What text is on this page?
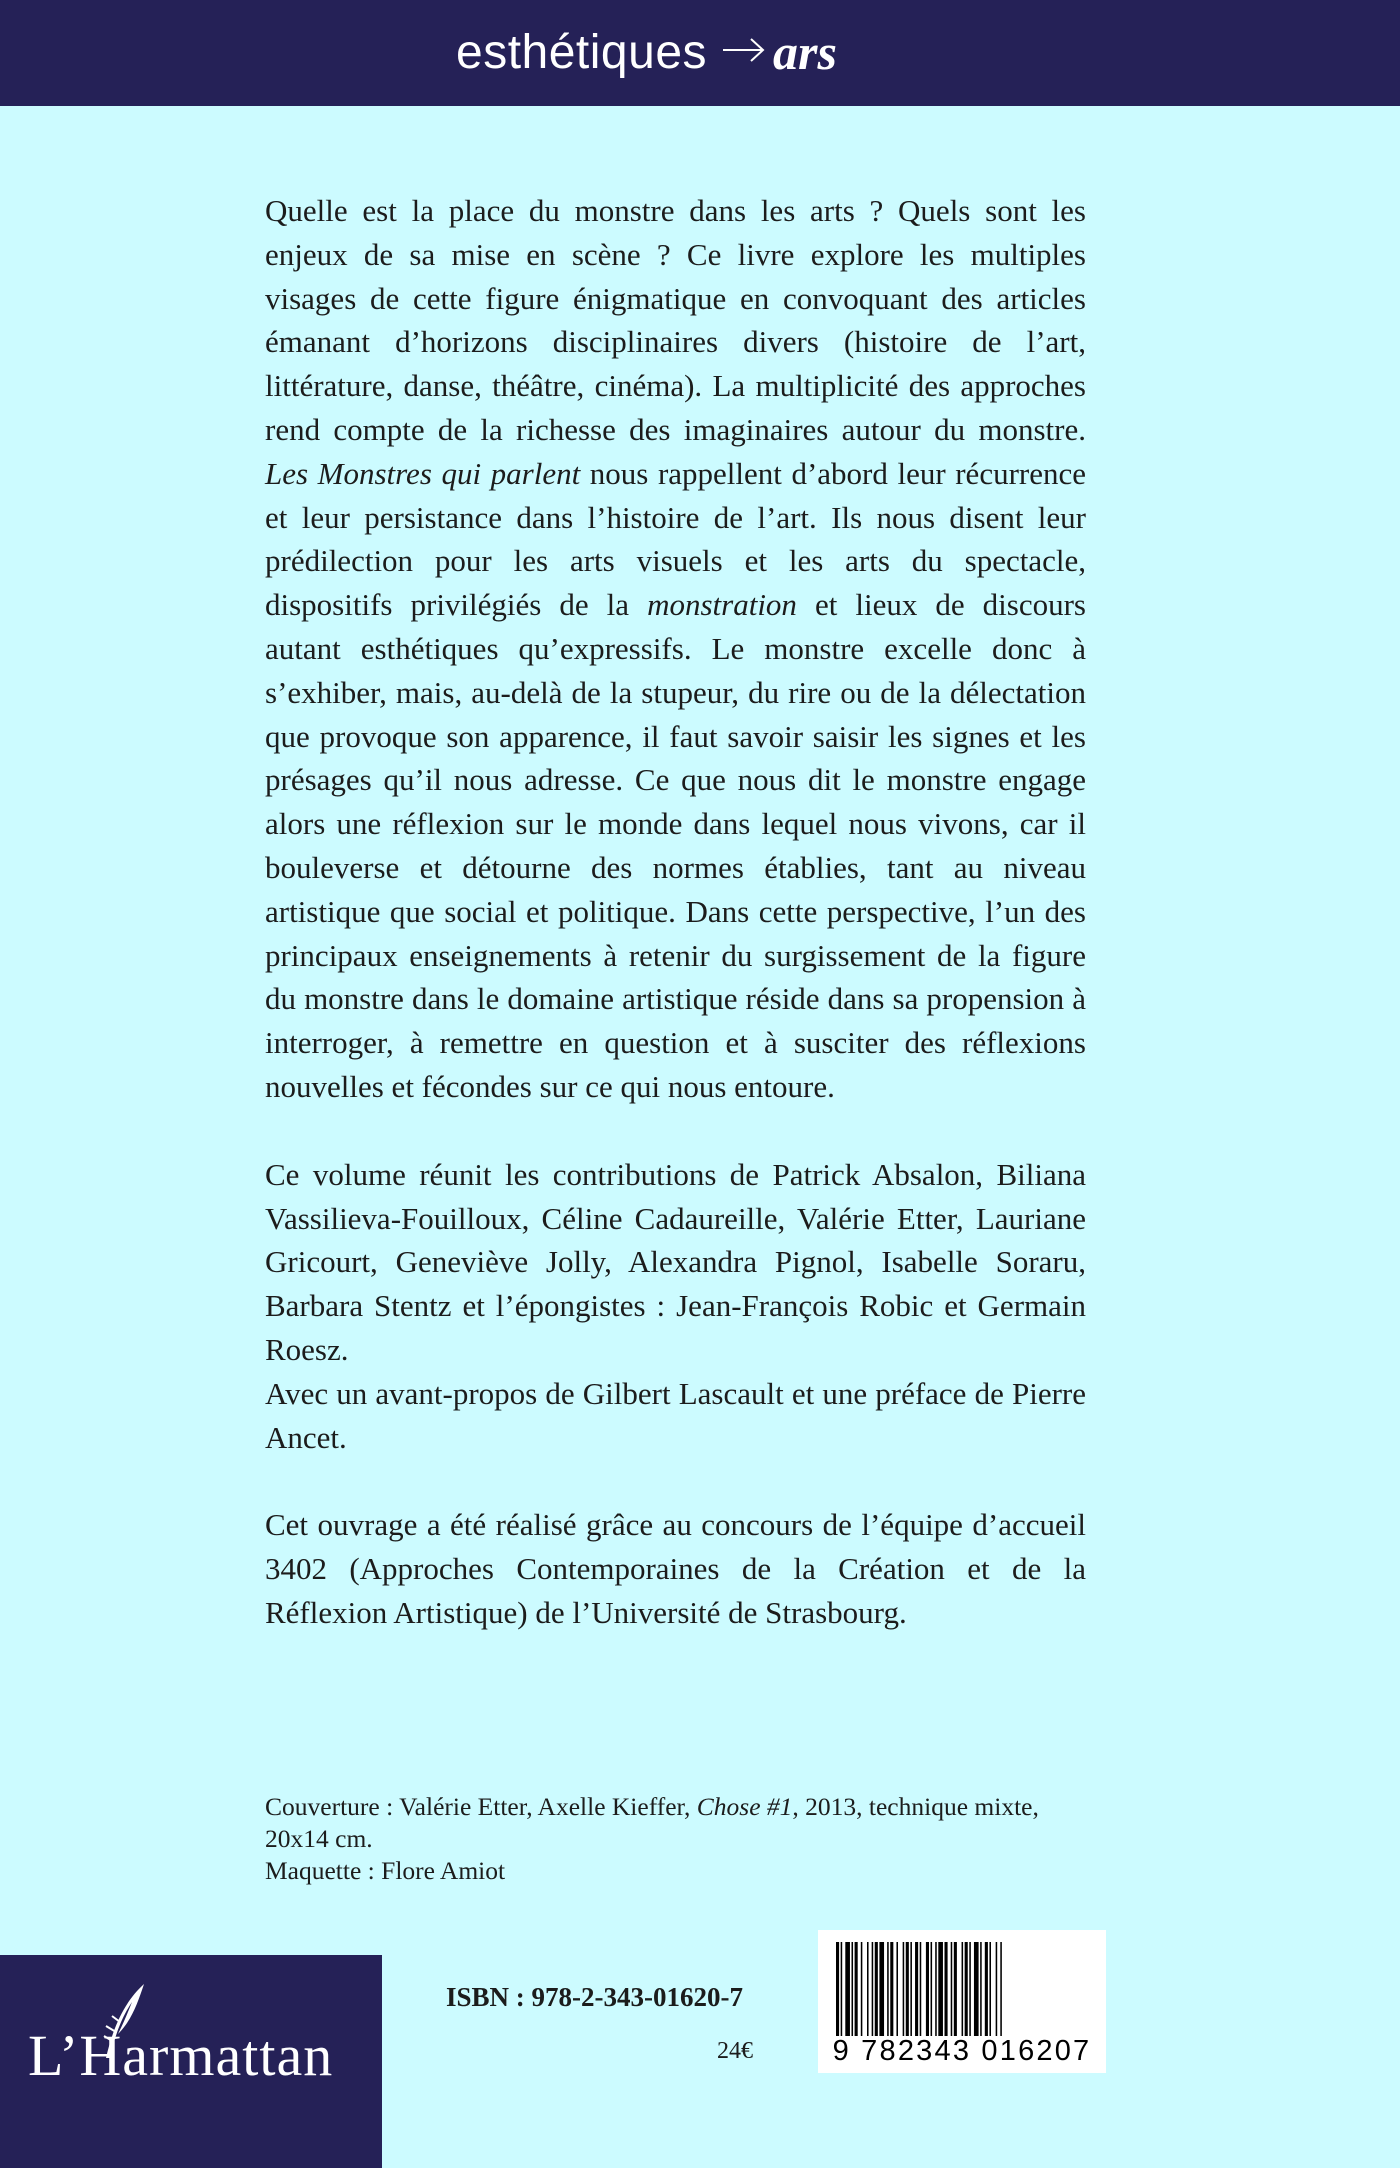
esthétiques ars

Quelle est la place du monstre dans les arts ? Quels sont les enjeux de sa mise en scène ? Ce livre explore les multiples visages de cette figure énigmatique en convoquant des articles émanant d’horizons disciplinaires divers (histoire de l’art, littérature, danse, théâtre, cinéma). La multiplicité des approches rend compte de la richesse des imaginaires autour du monstre. Les Monstres qui parlent nous rappellent d’abord leur récurrence et leur persistance dans l’histoire de l’art. Ils nous disent leur prédilection pour les arts visuels et les arts du spectacle, dispositifs privilégiés de la monstration et lieux de discours autant esthétiques qu’expressifs. Le monstre excelle donc à s’exhiber, mais, au-delà de la stupeur, du rire ou de la délectation que provoque son apparence, il faut savoir saisir les signes et les présages qu’il nous adresse. Ce que nous dit le monstre engage alors une réflexion sur le monde dans lequel nous vivons, car il bouleverse et détourne des normes établies, tant au niveau artistique que social et politique. Dans cette perspective, l’un des principaux enseignements à retenir du surgissement de la figure du monstre dans le domaine artistique réside dans sa propension à interroger, à remettre en question et à susciter des réflexions nouvelles et fécondes sur ce qui nous entoure.

Ce volume réunit les contributions de Patrick Absalon, Biliana Vassilieva-Fouilloux, Céline Cadaureille, Valérie Etter, Lauriane Gricourt, Geneviève Jolly, Alexandra Pignol, Isabelle Soraru, Barbara Stentz et l’épongistes : Jean-François Robic et Germain Roesz.

Avec un avant-propos de Gilbert Lascault et une préface de Pierre Ancet.

Cet ouvrage a été réalisé grâce au concours de l’équipe d’accueil 3402 (Approches Contemporaines de la Création et de la Réflexion Artistique) de l’Université de Strasbourg.

Couverture : Valérie Etter, Axelle Kieffer, Chose #1, 2013, technique mixte, 20x14 cm.

Maquette : Flore Amiot

L’Harmattan
ISBN : 978-2-343-01620-7
24€	9 782343 016207
